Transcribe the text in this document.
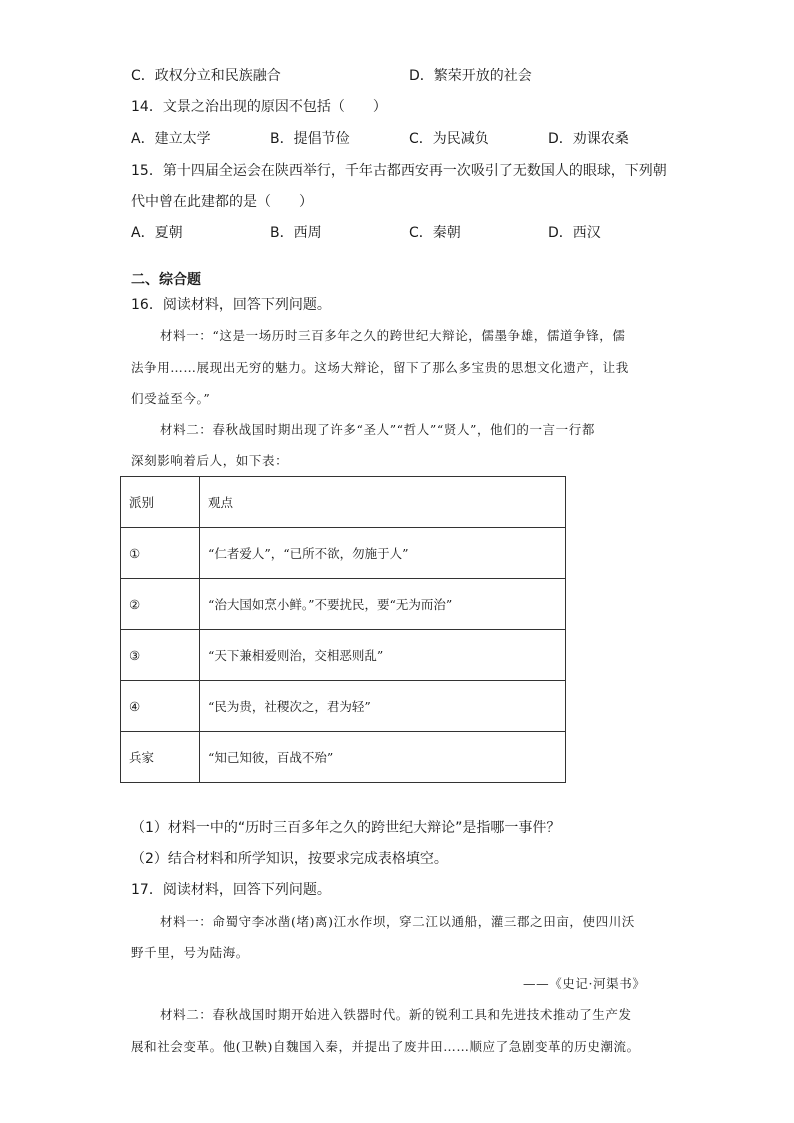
C．政权分立和民族融合	D．繁荣开放的社会
14．文景之治出现的原因不包括（　　）
A．建立太学	B．提倡节俭	C．为民减负	D．劝课农桑
15．第十四届全运会在陕西举行，千年古都西安再一次吸引了无数国人的眼球，下列朝
代中曾在此建都的是（　　）
A．夏朝	B．西周	C．秦朝	D．西汉
二、综合题
16．阅读材料，回答下列问题。
材料一：“这是一场历时三百多年之久的跨世纪大辩论，儒墨争雄，儒道争锋，儒
法争用……展现出无穷的魅力。这场大辩论，留下了那么多宝贵的思想文化遗产，让我
们受益至今。”
材料二：春秋战国时期出现了许多“圣人”“哲人”“贤人”，他们的一言一行都
深刻影响着后人，如下表：
派别	观点
①	“仁者爱人”，“已所不欲，勿施于人”
②	“治大国如烹小鲜。”不要扰民，要“无为而治”
③	“天下兼相爱则治，交相恶则乱”
④	“民为贵，社稷次之，君为轻”
兵家	“知己知彼，百战不殆”
（1）材料一中的“历时三百多年之久的跨世纪大辩论”是指哪一事件？
（2）结合材料和所学知识，按要求完成表格填空。
17．阅读材料，回答下列问题。
材料一：命蜀守李冰凿(堵)离)江水作坝，穿二江以通船，灌三郡之田亩，使四川沃
野千里，号为陆海。
——《史记·河渠书》
材料二：春秋战国时期开始进入铁器时代。新的锐利工具和先进技术推动了生产发
展和社会变革。他(卫鞅)自魏国入秦，并提出了废井田……顺应了急剧变革的历史潮流。
